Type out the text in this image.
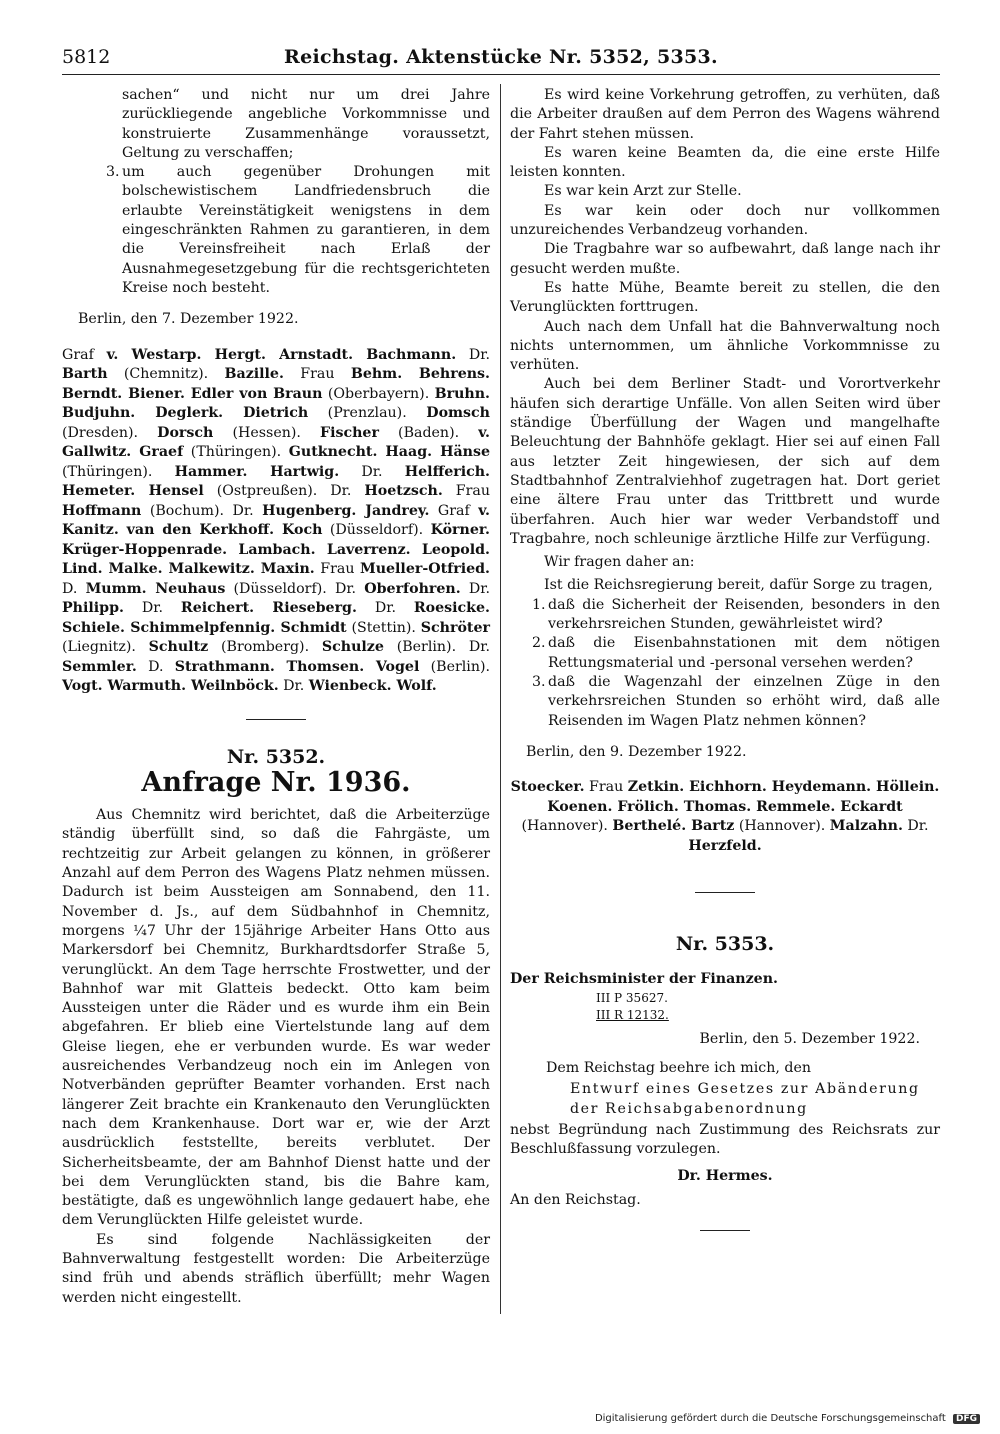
5812	Reichstag. Aktenstücke Nr. 5352, 5353.

sachen“ und nicht nur um drei Jahre zurückliegende angebliche Vorkommnisse und konstruierte Zusammenhänge voraussetzt, Geltung zu verschaffen;

3. um auch gegenüber Drohungen mit bolschewistischem Landfriedensbruch die erlaubte Vereinstätigkeit wenigstens in dem eingeschränkten Rahmen zu garantieren, in dem die Vereinsfreiheit nach Erlaß der Ausnahmegesetzgebung für die rechtsgerichteten Kreise noch besteht.

Berlin, den 7. Dezember 1922.

Graf v. Westarp. Hergt. Arnstadt. Bachmann. Dr. Barth (Chemnitz). Bazille. Frau Behm. Behrens. Berndt. Biener. Edler von Braun (Oberbayern). Bruhn. Budjuhn. Deglerk. Dietrich (Prenzlau). Domsch (Dresden). Dorsch (Hessen). Fischer (Baden). v. Gallwitz. Graef (Thüringen). Gutknecht. Haag. Hänse (Thüringen). Hammer. Hartwig. Dr. Helfferich. Hemeter. Hensel (Ostpreußen). Dr. Hoetzsch. Frau Hoffmann (Bochum). Dr. Hugenberg. Jandrey. Graf v. Kanitz. van den Kerkhoff. Koch (Düsseldorf). Körner. Krüger-Hoppenrade. Lambach. Laverrenz. Leopold. Lind. Malke. Malkewitz. Maxin. Frau Mueller-Otfried. D. Mumm. Neuhaus (Düsseldorf). Dr. Oberfohren. Dr. Philipp. Dr. Reichert. Rieseberg. Dr. Roesicke. Schiele. Schimmelpfennig. Schmidt (Stettin). Schröter (Liegnitz). Schultz (Bromberg). Schulze (Berlin). Dr. Semmler. D. Strathmann. Thomsen. Vogel (Berlin). Vogt. Warmuth. Weilnböck. Dr. Wienbeck. Wolf.

Nr. 5352.
Anfrage Nr. 1936.

Aus Chemnitz wird berichtet, daß die Arbeiterzüge ständig überfüllt sind, so daß die Fahrgäste, um rechtzeitig zur Arbeit gelangen zu können, in größerer Anzahl auf dem Perron des Wagens Platz nehmen müssen. Dadurch ist beim Aussteigen am Sonnabend, den 11. November d. Js., auf dem Südbahnhof in Chemnitz, morgens ¼7 Uhr der 15jährige Arbeiter Hans Otto aus Markersdorf bei Chemnitz, Burkhardtsdorfer Straße 5, verunglückt. An dem Tage herrschte Frostwetter, und der Bahnhof war mit Glatteis bedeckt. Otto kam beim Aussteigen unter die Räder und es wurde ihm ein Bein abgefahren. Er blieb eine Viertelstunde lang auf dem Gleise liegen, ehe er verbunden wurde. Es war weder ausreichendes Verbandzeug noch ein im Anlegen von Notverbänden geprüfter Beamter vorhanden. Erst nach längerer Zeit brachte ein Krankenauto den Verunglückten nach dem Krankenhause. Dort war er, wie der Arzt ausdrücklich feststellte, bereits verblutet. Der Sicherheitsbeamte, der am Bahnhof Dienst hatte und der bei dem Verunglückten stand, bis die Bahre kam, bestätigte, daß es ungewöhnlich lange gedauert habe, ehe dem Verunglückten Hilfe geleistet wurde.

Es sind folgende Nachlässigkeiten der Bahnverwaltung festgestellt worden: Die Arbeiterzüge sind früh und abends sträflich überfüllt; mehr Wagen werden nicht eingestellt.

Es wird keine Vorkehrung getroffen, zu verhüten, daß die Arbeiter draußen auf dem Perron des Wagens während der Fahrt stehen müssen.

Es waren keine Beamten da, die eine erste Hilfe leisten konnten.

Es war kein Arzt zur Stelle.

Es war kein oder doch nur vollkommen unzureichendes Verbandzeug vorhanden.

Die Tragbahre war so aufbewahrt, daß lange nach ihr gesucht werden mußte.

Es hatte Mühe, Beamte bereit zu stellen, die den Verunglückten forttrugen.

Auch nach dem Unfall hat die Bahnverwaltung noch nichts unternommen, um ähnliche Vorkommnisse zu verhüten.

Auch bei dem Berliner Stadt- und Vorortverkehr häufen sich derartige Unfälle. Von allen Seiten wird über ständige Überfüllung der Wagen und mangelhafte Beleuchtung der Bahnhöfe geklagt. Hier sei auf einen Fall aus letzter Zeit hingewiesen, der sich auf dem Stadtbahnhof Zentralviehhof zugetragen hat. Dort geriet eine ältere Frau unter das Trittbrett und wurde überfahren. Auch hier war weder Verbandstoff und Tragbahre, noch schleunige ärztliche Hilfe zur Verfügung.

Wir fragen daher an:

Ist die Reichsregierung bereit, dafür Sorge zu tragen,

1. daß die Sicherheit der Reisenden, besonders in den verkehrsreichen Stunden, gewährleistet wird?
2. daß die Eisenbahnstationen mit dem nötigen Rettungsmaterial und -personal versehen werden?
3. daß die Wagenzahl der einzelnen Züge in den verkehrsreichen Stunden so erhöht wird, daß alle Reisenden im Wagen Platz nehmen können?

Berlin, den 9. Dezember 1922.

Stoecker. Frau Zetkin. Eichhorn. Heydemann. Höllein. Koenen. Frölich. Thomas. Remmele. Eckardt (Hannover). Berthelé. Bartz (Hannover). Malzahn. Dr. Herzfeld.

Nr. 5353.

Der Reichsminister der Finanzen.

III P 35627.
III R 12132.

Berlin, den 5. Dezember 1922.

Dem Reichstag beehre ich mich, den

Entwurf eines Gesetzes zur Abänderung

der Reichsabgabenordnung

nebst Begründung nach Zustimmung des Reichsrats zur Beschlußfassung vorzulegen.

Dr. Hermes.

An den Reichstag.

Digitalisierung gefördert durch die Deutsche Forschungsgemeinschaft DFG
